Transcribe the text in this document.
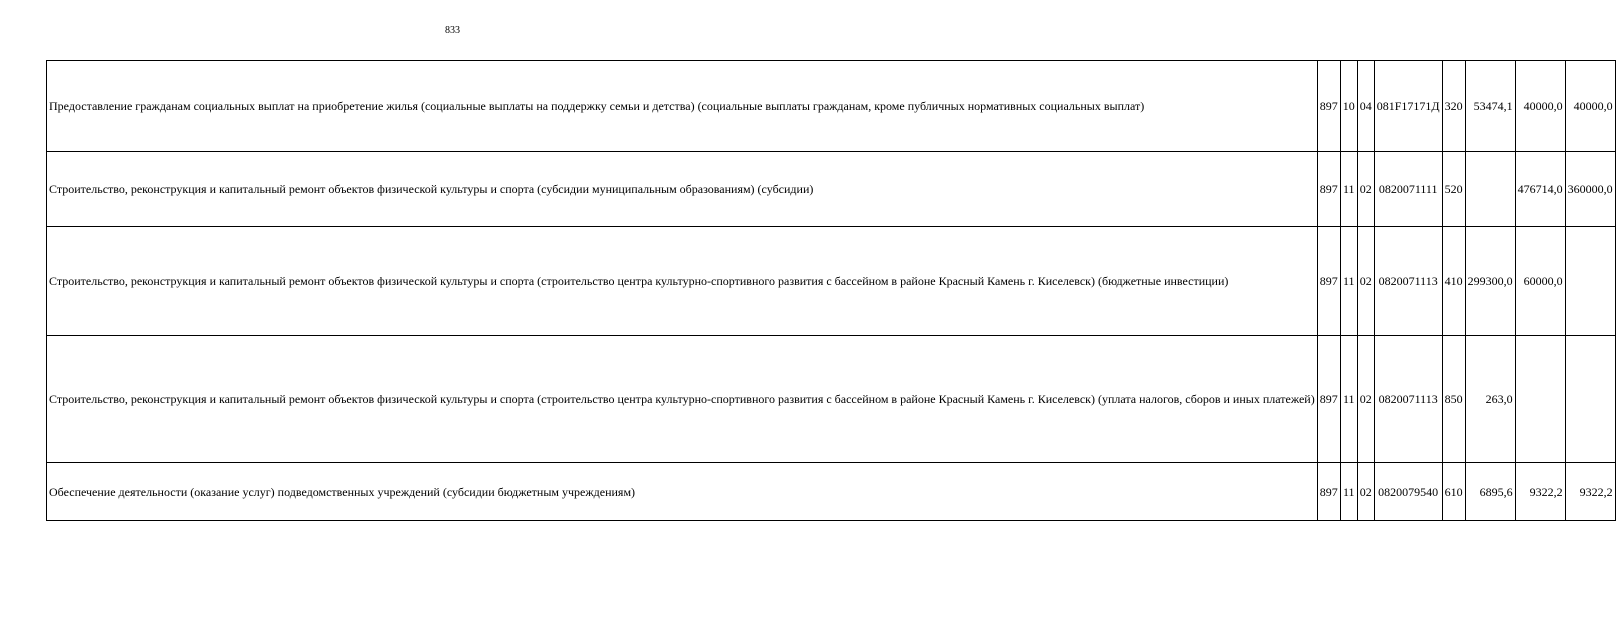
833
Предоставление гражданам социальных выплат на приобретение жилья (социальные выплаты на поддержку семьи и детства) (социальные выплаты гражданам, кроме публичных нормативных социальных выплат)	897	10	04	081F17171Д	320	53474,1	40000,0	40000,0
Строительство, реконструкция и капитальный ремонт объектов физической культуры и спорта (субсидии муниципальным образованиям) (субсидии)	897	11	02	0820071111	520		476714,0	360000,0
Строительство, реконструкция и капитальный ремонт объектов физической культуры и спорта (строительство центра культурно-спортивного развития с бассейном в районе Красный Камень г. Киселевск) (бюджетные инвестиции)	897	11	02	0820071113	410	299300,0	60000,0	
Строительство, реконструкция и капитальный ремонт объектов физической культуры и спорта (строительство центра культурно-спортивного развития с бассейном в районе Красный Камень г. Киселевск) (уплата налогов, сборов и иных платежей)	897	11	02	0820071113	850	263,0		
Обеспечение деятельности (оказание услуг) подведомственных учреждений (субсидии бюджетным учреждениям)	897	11	02	0820079540	610	6895,6	9322,2	9322,2
